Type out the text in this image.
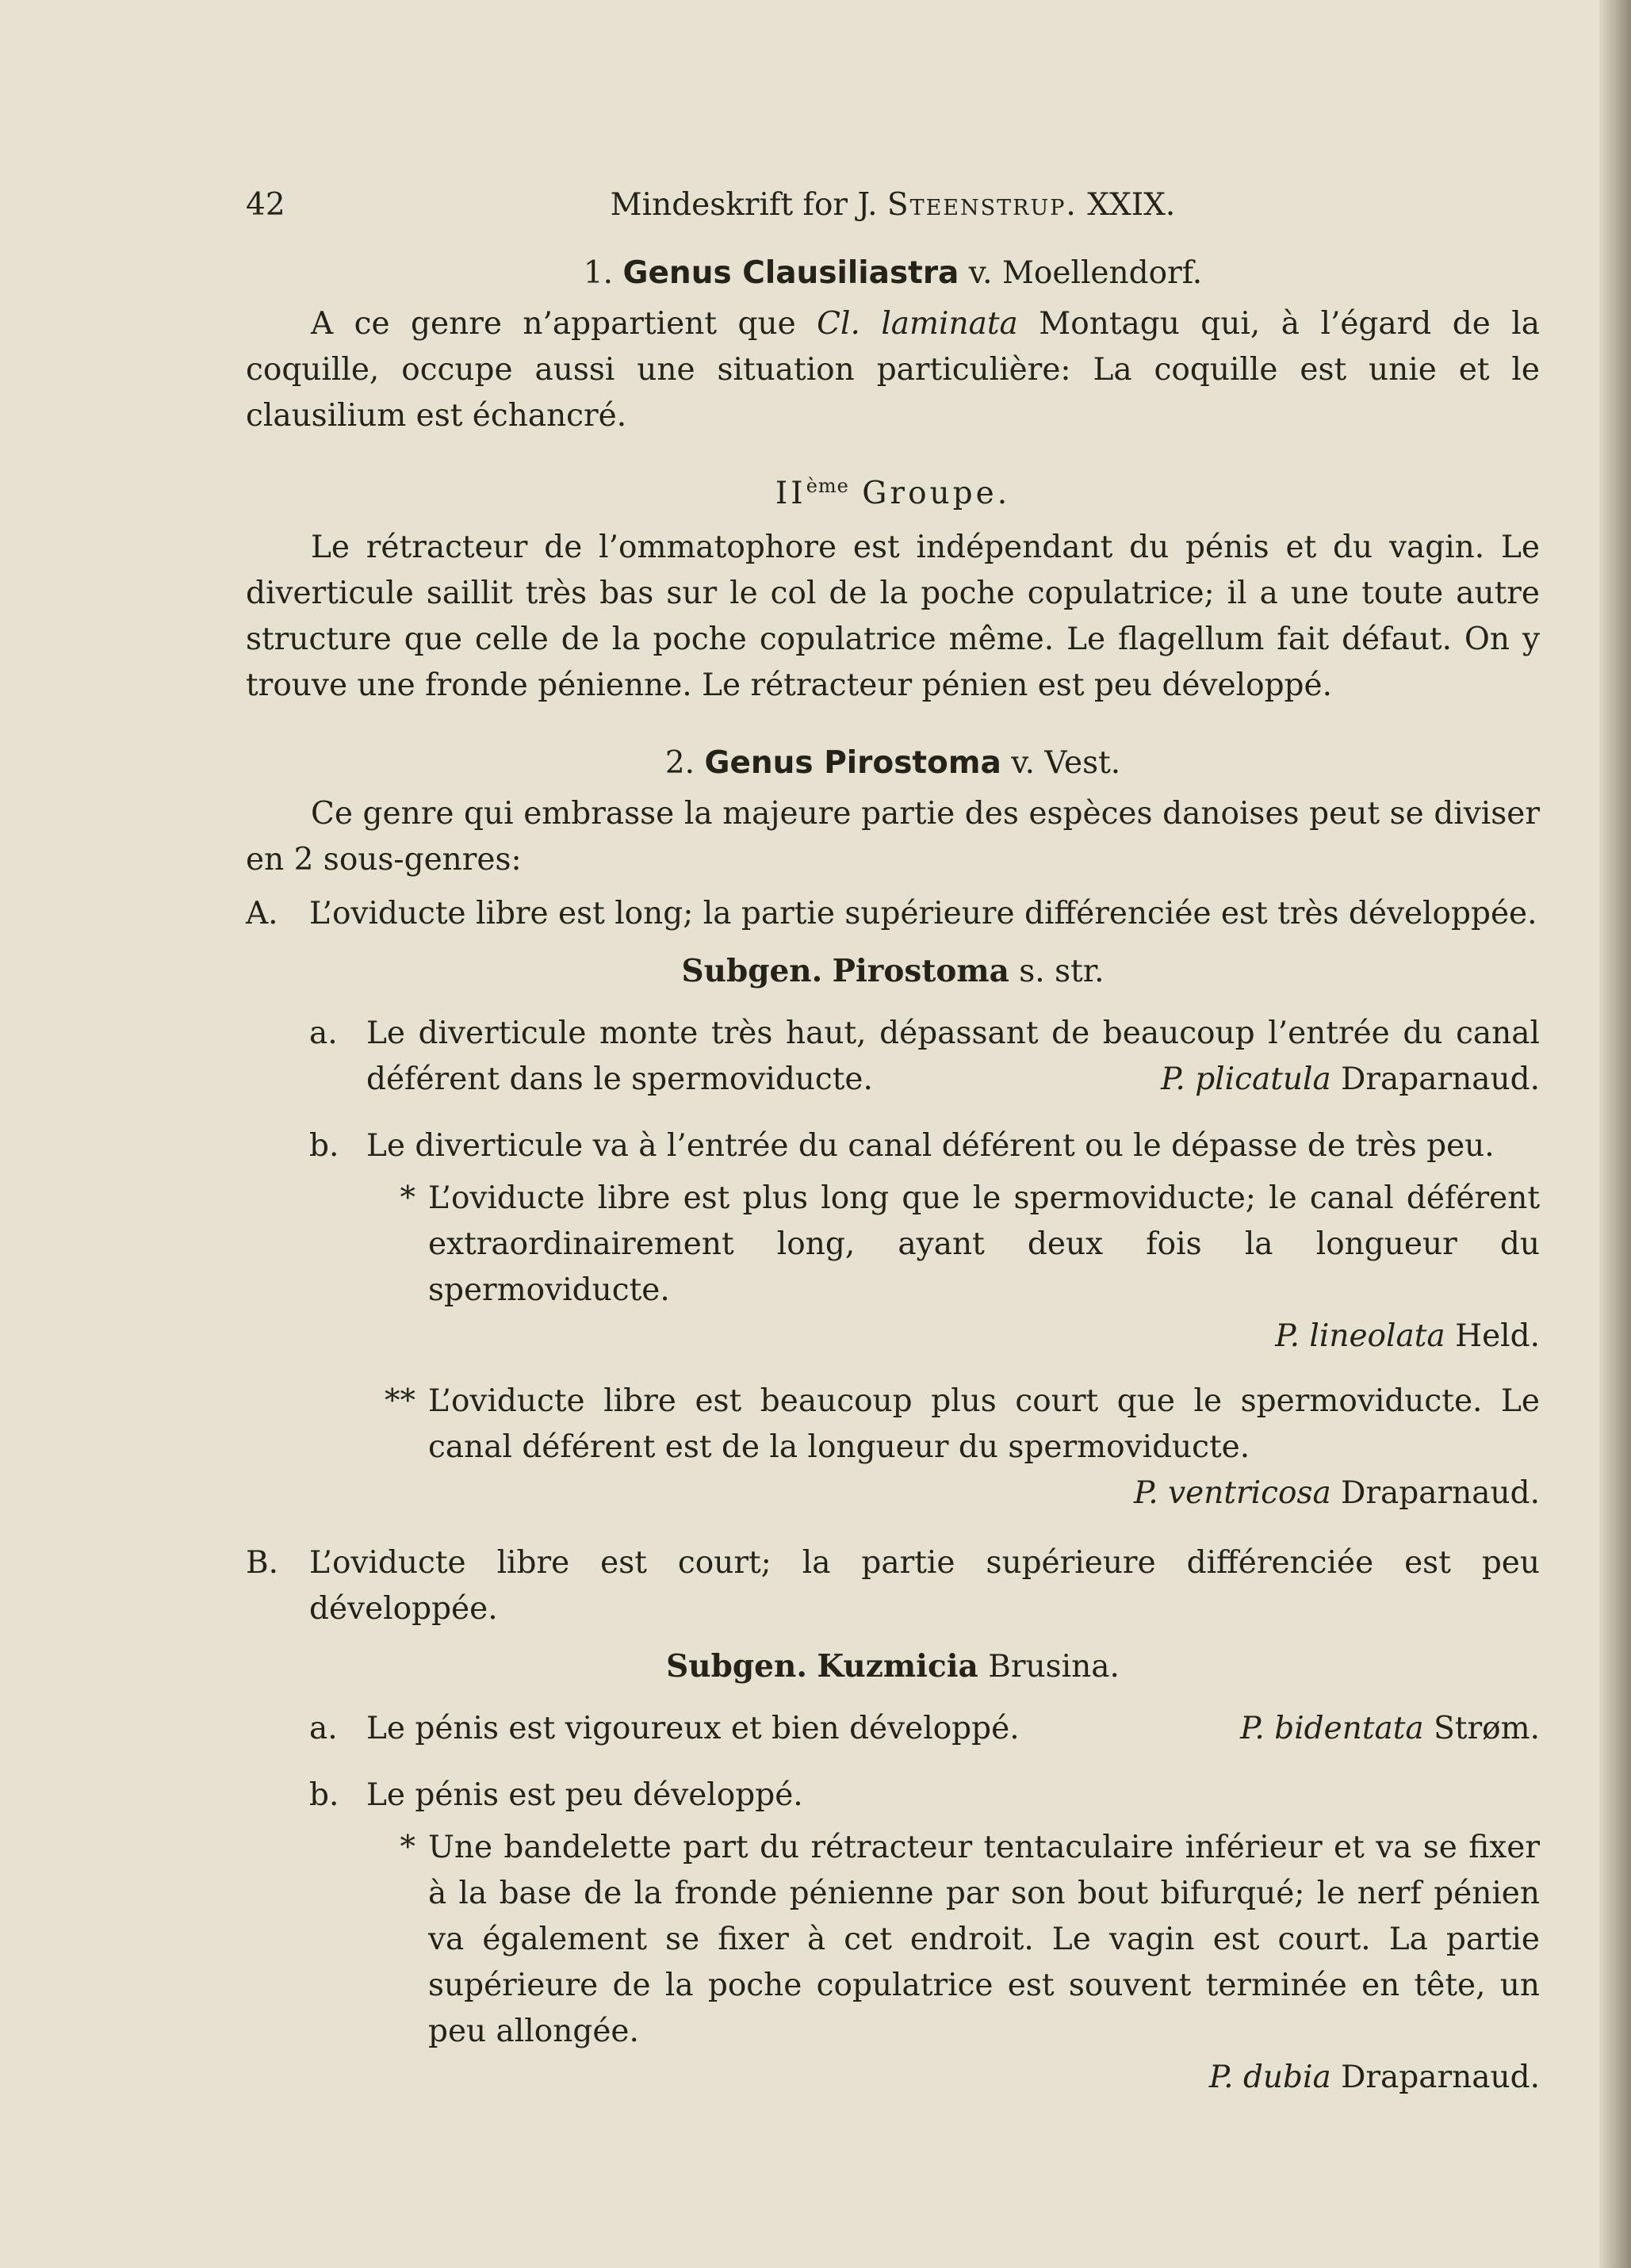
42	Mindeskrift for J. Steenstrup. XXIX.
1. Genus Clausiliastra v. Moellendorf.

A ce genre n’appartient que Cl. laminata Montagu qui, à l’égard de la coquille, occupe aussi une situation particulière: La coquille est unie et le clausilium est échancré.

IIème Groupe.

Le rétracteur de l’ommatophore est indépendant du pénis et du vagin. Le diverticule saillit très bas sur le col de la poche copulatrice; il a une toute autre structure que celle de la poche copulatrice même. Le flagellum fait défaut. On y trouve une fronde pénienne. Le rétracteur pénien est peu développé.

2. Genus Pirostoma v. Vest.

Ce genre qui embrasse la majeure partie des espèces danoises peut se diviser en 2 sous-genres:

A.	L’oviducte libre est long; la partie supérieure différenciée est très développée.
Subgen. Pirostoma s. str.
a. Le diverticule monte très haut, dépassant de beaucoup l’entrée du canal déférent dans le spermoviducte.	P. plicatula Draparnaud.
b. Le diverticule va à l’entrée du canal déférent ou le dépasse de très peu.
* L’oviducte libre est plus long que le spermoviducte; le canal déférent extraordinairement long, ayant deux fois la longueur du spermoviducte.
P. lineolata Held.
** L’oviducte libre est beaucoup plus court que le spermoviducte. Le canal déférent est de la longueur du spermoviducte.
P. ventricosa Draparnaud.
B. L’oviducte libre est court; la partie supérieure différenciée est peu développée.
Subgen. Kuzmicia Brusina.
a. Le pénis est vigoureux et bien développé.	P. bidentata Strøm.
b. Le pénis est peu développé.
* Une bandelette part du rétracteur tentaculaire inférieur et va se fixer à la base de la fronde pénienne par son bout bifurqué; le nerf pénien va également se fixer à cet endroit. Le vagin est court. La partie supérieure de la poche copulatrice est souvent terminée en tête, un peu allongée.
P. dubia Draparnaud.
